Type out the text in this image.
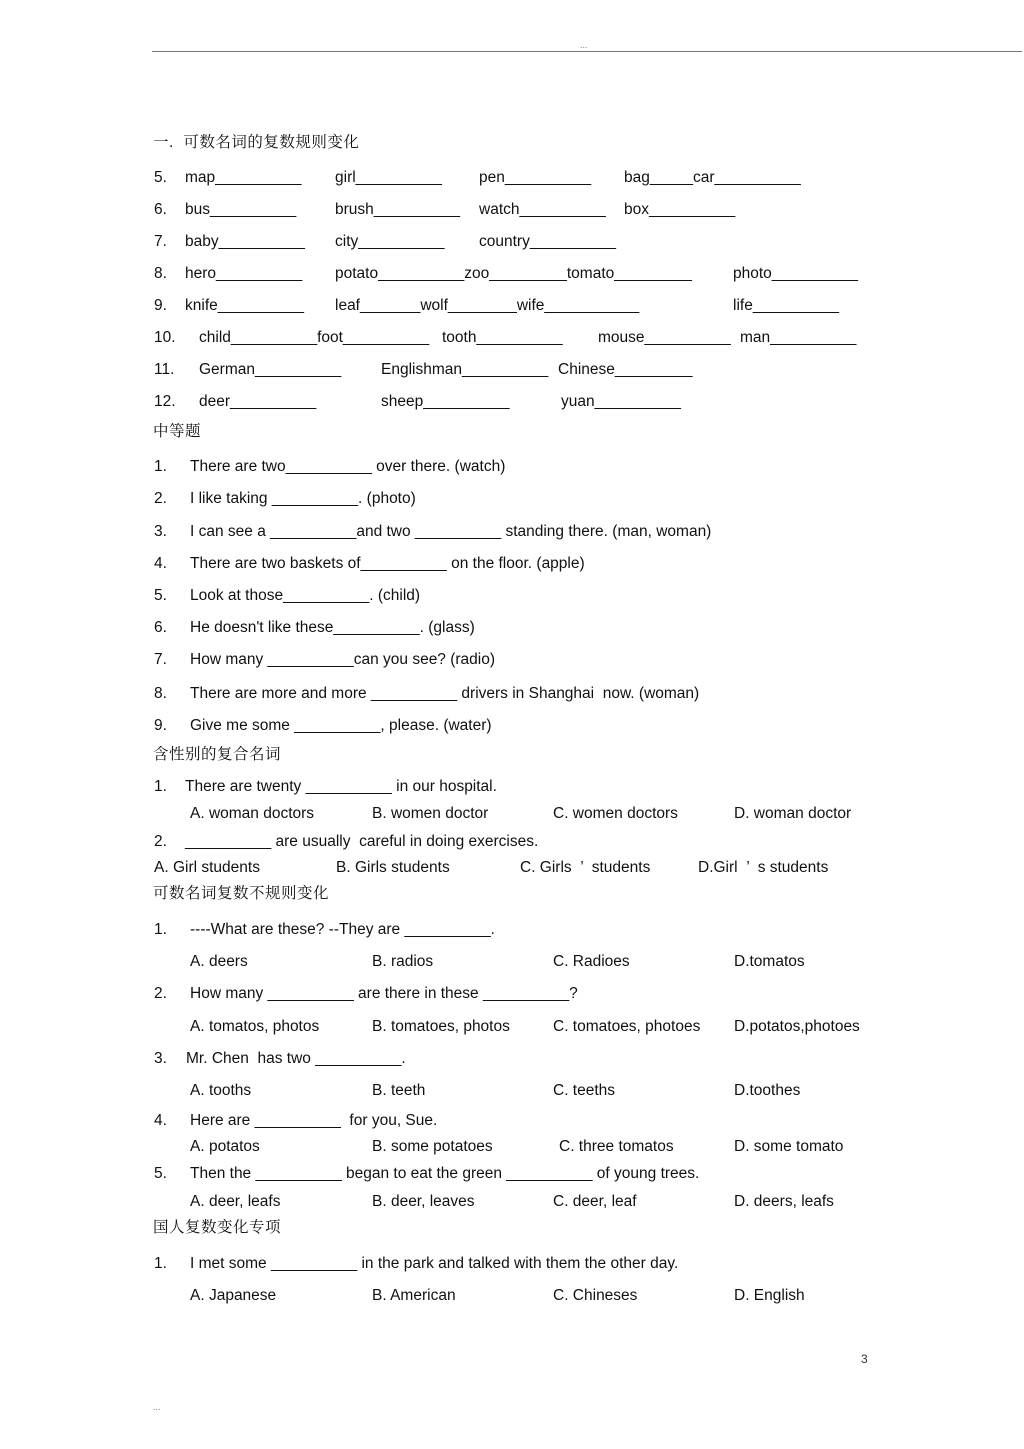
...
一.  可数名词的复数规则变化
5. map__________ girl__________ pen__________ bag_____car__________
6. bus__________	brush__________ watch__________ box__________
7. baby__________ city__________ country__________
8. hero__________ potato__________zoo_________tomato_________	photo__________
9. knife__________ leaf_______wolf________wife___________	life__________
10. child__________foot__________ tooth__________ mouse__________ man__________
11. German__________	Englishman__________ Chinese_________
12. deer__________	sheep__________	yuan__________
中等题
1. There are two__________ over there. (watch)
2. I like taking __________. (photo)
3. I can see a __________and two __________ standing there. (man, woman)
4. There are two baskets of__________ on the floor. (apple)
5. Look at those__________. (child)
6. He doesn't like these__________. (glass)
7. How many __________can you see? (radio)
8. There are more and more __________ drivers in Shanghai  now. (woman)
9. Give me some __________, please. (water)
含性别的复合名词
1. There are twenty __________ in our hospital.
A. woman doctors	B. women doctor	C. women doctors	D. woman doctor
2. __________ are usually  careful in doing exercises.
A. Girl students	B. Girls students	C. Girls  ’  students	D.Girl  ’  s students
可数名词复数不规则变化
1. ----What are these? --They are __________.
A. deers	B. radios	C. Radioes	D.tomatos
2. How many __________ are there in these __________?
A. tomatos, photos	B. tomatoes, photos	C. tomatoes, photoes D.potatos,photoes
3. Mr. Chen  has two __________.
A. tooths	B. teeth	C. teeths	D.toothes
4. Here are __________  for you, Sue.
A. potatos	B. some potatoes	C. three tomatos	D. some tomato
5. Then the __________ began to eat the green __________ of young trees.
A. deer, leafs	B. deer, leaves	C. deer, leaf	D. deers, leafs
国人复数变化专项
1. I met some __________ in the park and talked with them the other day.
A. Japanese	B. American	C. Chineses	D. English
3
...
